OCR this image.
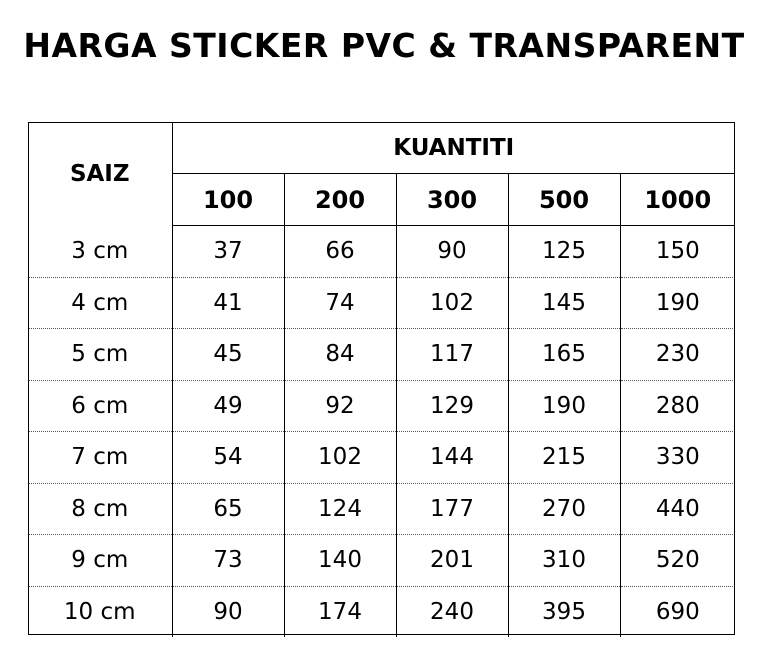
HARGA STICKER PVC & TRANSPARENT
SAIZ	KUANTITI				
	100	200	300	500	1000
3 cm	37	66	90	125	150
4 cm	41	74	102	145	190
5 cm	45	84	117	165	230
6 cm	49	92	129	190	280
7 cm	54	102	144	215	330
8 cm	65	124	177	270	440
9 cm	73	140	201	310	520
10 cm	90	174	240	395	690
